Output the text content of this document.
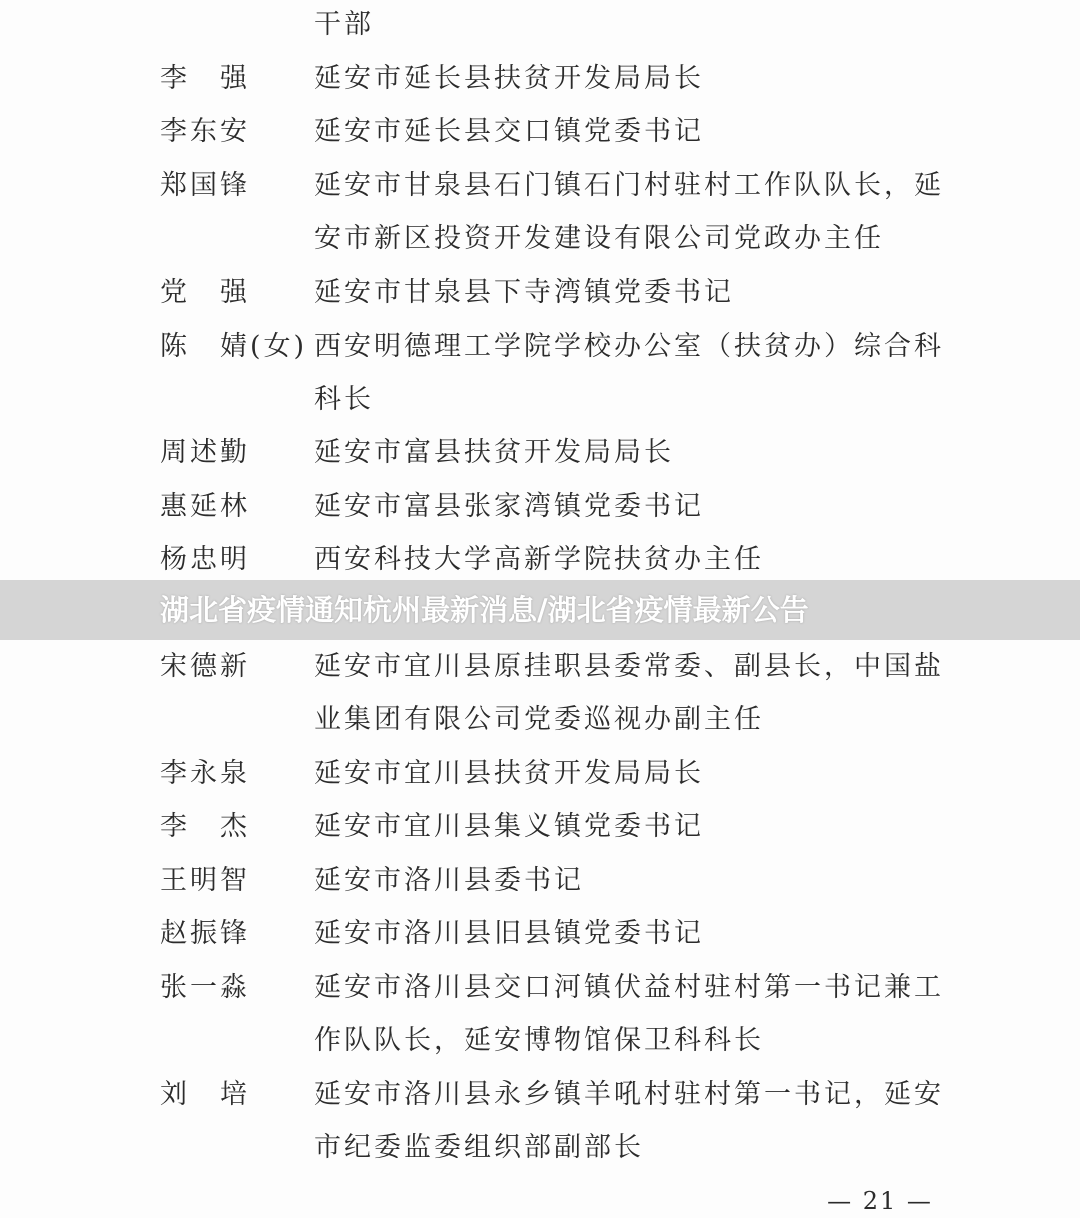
干部
李　强	延安市延长县扶贫开发局局长
李东安	延安市延长县交口镇党委书记
郑国锋	延安市甘泉县石门镇石门村驻村工作队队长，延
安市新区投资开发建设有限公司党政办主任
党　强	延安市甘泉县下寺湾镇党委书记
陈　婧(女) 西安明德理工学院学校办公室（扶贫办）综合科
科长
周述勤	延安市富县扶贫开发局局长
惠延林	延安市富县张家湾镇党委书记
杨忠明	西安科技大学高新学院扶贫办主任
宋德新	延安市宜川县原挂职县委常委、副县长，中国盐
业集团有限公司党委巡视办副主任
李永泉	延安市宜川县扶贫开发局局长
李　杰	延安市宜川县集义镇党委书记
王明智	延安市洛川县委书记
赵振锋	延安市洛川县旧县镇党委书记
张一淼	延安市洛川县交口河镇伏益村驻村第一书记兼工
作队队长，延安博物馆保卫科科长
刘　培	延安市洛川县永乡镇羊吼村驻村第一书记，延安
市纪委监委组织部副部长
— 21 —
湖北省疫情通知杭州最新消息/湖北省疫情最新公告
